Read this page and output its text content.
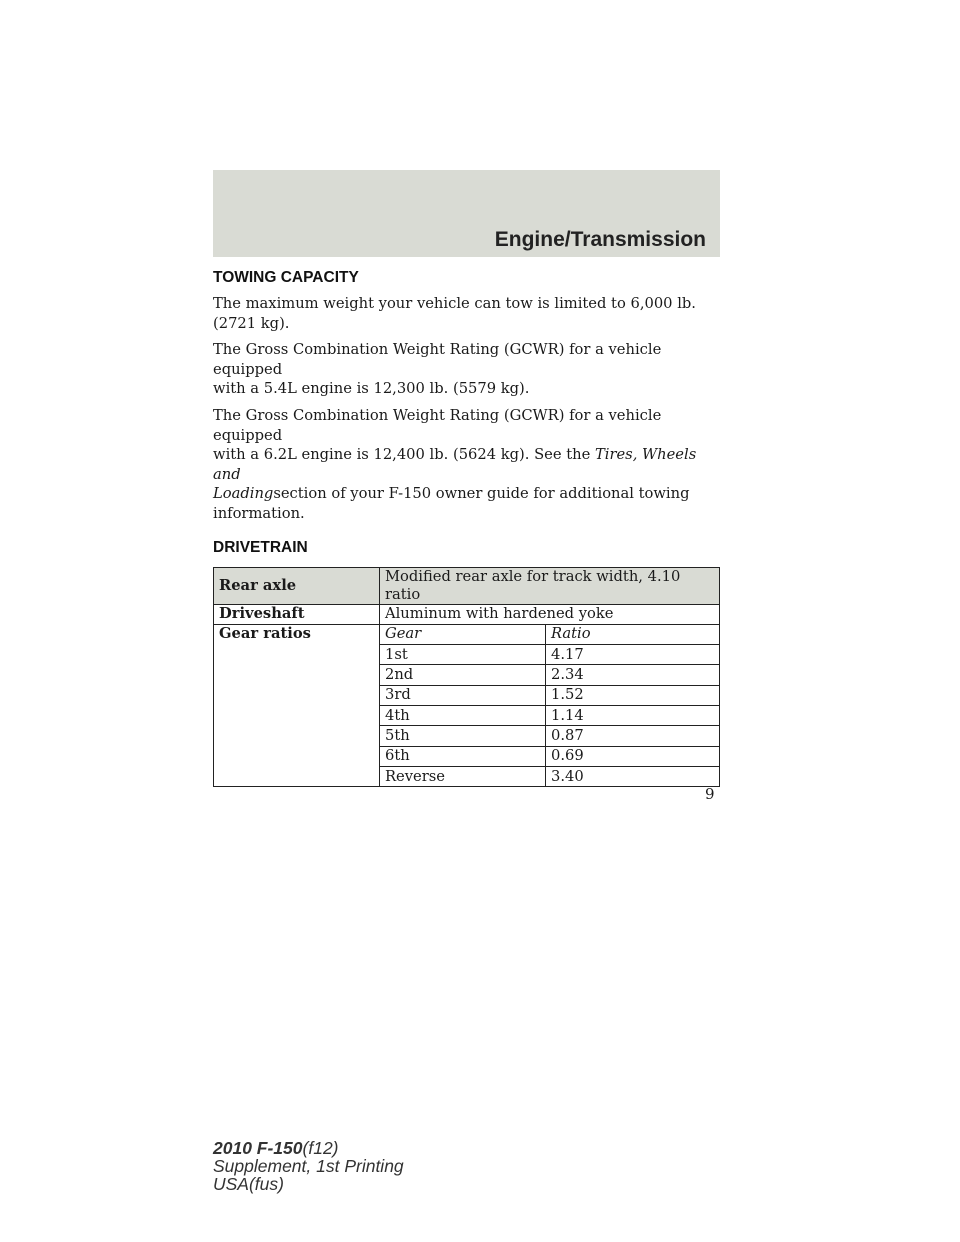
Engine/Transmission
TOWING CAPACITY

The maximum weight your vehicle can tow is limited to 6,000 lb.
(2721 kg).

The Gross Combination Weight Rating (GCWR) for a vehicle equipped
with a 5.4L engine is 12,300 lb. (5579 kg).

The Gross Combination Weight Rating (GCWR) for a vehicle equipped
with a 6.2L engine is 12,400 lb. (5624 kg). See the Tires, Wheels and
Loadingsection of your F-150 owner guide for additional towing
information.

DRIVETRAIN
Rear axle	Modified rear axle for track width, 4.10 ratio	
Driveshaft	Aluminum with hardened yoke	
Gear ratios	Gear	Ratio
	1st	4.17
	2nd	2.34
	3rd	1.52
	4th	1.14
	5th	0.87
	6th	0.69
	Reverse	3.40
9
2010 F-150(f12)
Supplement, 1st Printing
USA(fus)
